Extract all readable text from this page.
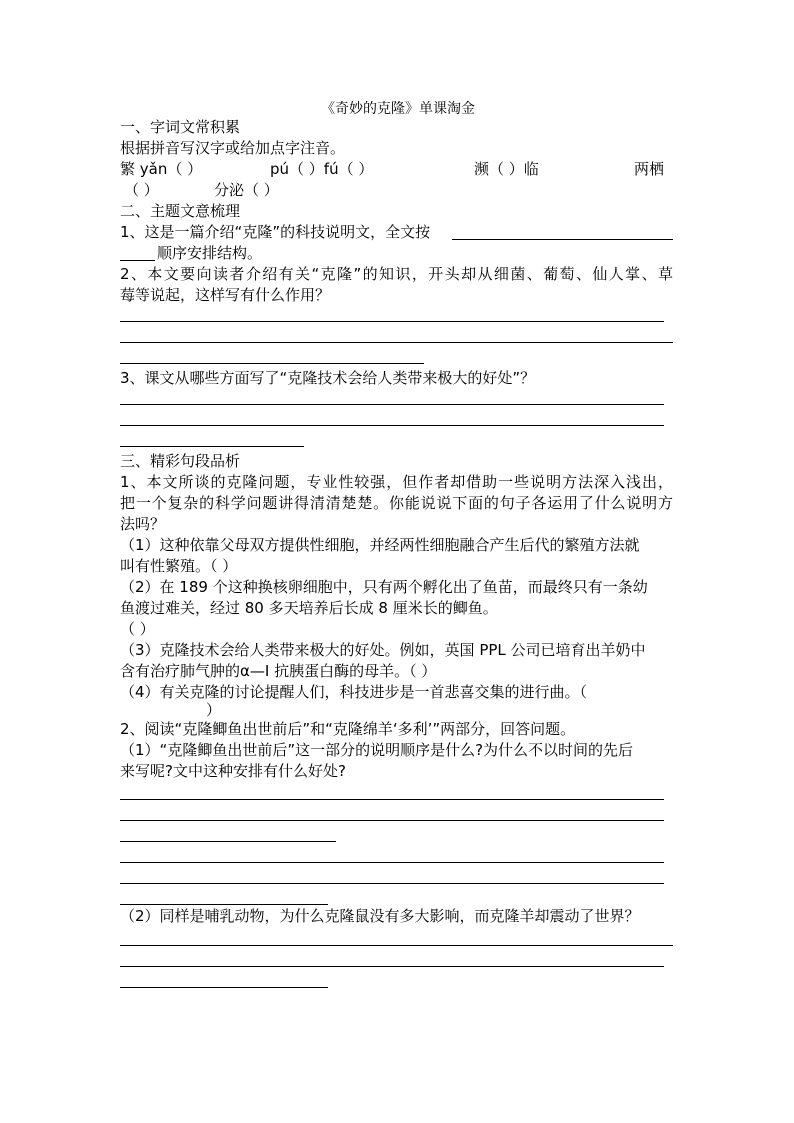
《奇妙的克隆》单课淘金
一、字词文常积累
根据拼音写汉字或给加点字注音。
繁 yǎn（ ）	pú（ ）fú（ ）	濒（ ）临	两栖
（ ）	分泌（ ）
二、主题文意梳理
1、这是一篇介绍“克隆”的科技说明文，全文按
顺序安排结构。
2、本文要向读者介绍有关“克隆”的知识，开头却从细菌、葡萄、仙人掌、草
莓等说起，这样写有什么作用？
3、课文从哪些方面写了“克隆技术会给人类带来极大的好处”？
三、精彩句段品析
1、本文所谈的克隆问题，专业性较强，但作者却借助一些说明方法深入浅出，
把一个复杂的科学问题讲得清清楚楚。你能说说下面的句子各运用了什么说明方
法吗？
（1）这种依靠父母双方提供性细胞，并经两性细胞融合产生后代的繁殖方法就
叫有性繁殖。（ ）
（2）在 189 个这种换核卵细胞中，只有两个孵化出了鱼苗，而最终只有一条幼
鱼渡过难关，经过 80 多天培养后长成 8 厘米长的鲫鱼。
（ ）
（3）克隆技术会给人类带来极大的好处。例如，英国 PPL 公司已培育出羊奶中
含有治疗肺气肿的α—I 抗胰蛋白酶的母羊。（ ）
（4）有关克隆的讨论提醒人们，科技进步是一首悲喜交集的进行曲。（
）
2、阅读“克隆鲫鱼出世前后”和“克隆绵羊‘多利’”两部分，回答问题。
（1）“克隆鲫鱼出世前后”这一部分的说明顺序是什么?为什么不以时间的先后
来写呢?文中这种安排有什么好处?
（2）同样是哺乳动物，为什么克隆鼠没有多大影响，而克隆羊却震动了世界？
